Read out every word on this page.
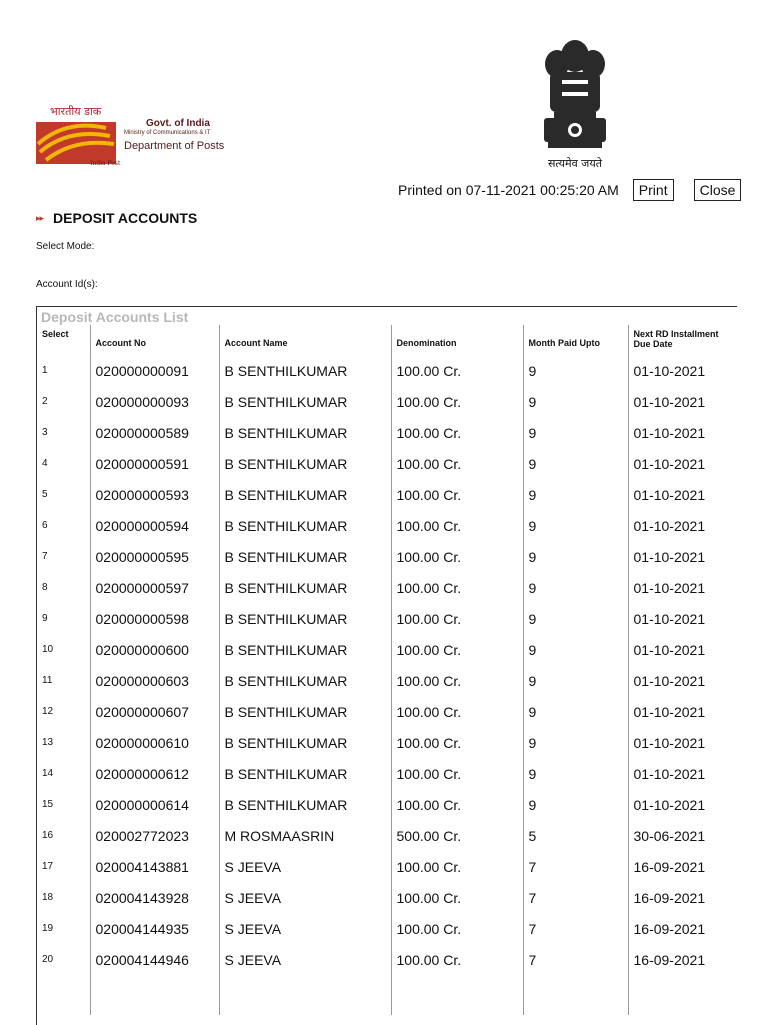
भारतीय डाक
Govt. of India
Ministry of Communications & IT
Department of Posts
India Post	सत्यमेव जयते
Printed on 07-11-2021 00:25:20 AM	Print	Close
▸▸ DEPOSIT ACCOUNTS
Select Mode:
Account Id(s):
Deposit Accounts List
Select	Account No	Account Name	Denomination	Month Paid Upto	Next RD Installment Due Date
1	020000000091	B SENTHILKUMAR	100.00 Cr.	9	01-10-2021
2	020000000093	B SENTHILKUMAR	100.00 Cr.	9	01-10-2021
3	020000000589	B SENTHILKUMAR	100.00 Cr.	9	01-10-2021
4	020000000591	B SENTHILKUMAR	100.00 Cr.	9	01-10-2021
5	020000000593	B SENTHILKUMAR	100.00 Cr.	9	01-10-2021
6	020000000594	B SENTHILKUMAR	100.00 Cr.	9	01-10-2021
7	020000000595	B SENTHILKUMAR	100.00 Cr.	9	01-10-2021
8	020000000597	B SENTHILKUMAR	100.00 Cr.	9	01-10-2021
9	020000000598	B SENTHILKUMAR	100.00 Cr.	9	01-10-2021
10	020000000600	B SENTHILKUMAR	100.00 Cr.	9	01-10-2021
11	020000000603	B SENTHILKUMAR	100.00 Cr.	9	01-10-2021
12	020000000607	B SENTHILKUMAR	100.00 Cr.	9	01-10-2021
13	020000000610	B SENTHILKUMAR	100.00 Cr.	9	01-10-2021
14	020000000612	B SENTHILKUMAR	100.00 Cr.	9	01-10-2021
15	020000000614	B SENTHILKUMAR	100.00 Cr.	9	01-10-2021
16	020002772023	M ROSMAASRIN	500.00 Cr.	5	30-06-2021
17	020004143881	S JEEVA	100.00 Cr.	7	16-09-2021
18	020004143928	S JEEVA	100.00 Cr.	7	16-09-2021
19	020004144935	S JEEVA	100.00 Cr.	7	16-09-2021
20	020004144946	S JEEVA	100.00 Cr.	7	16-09-2021
